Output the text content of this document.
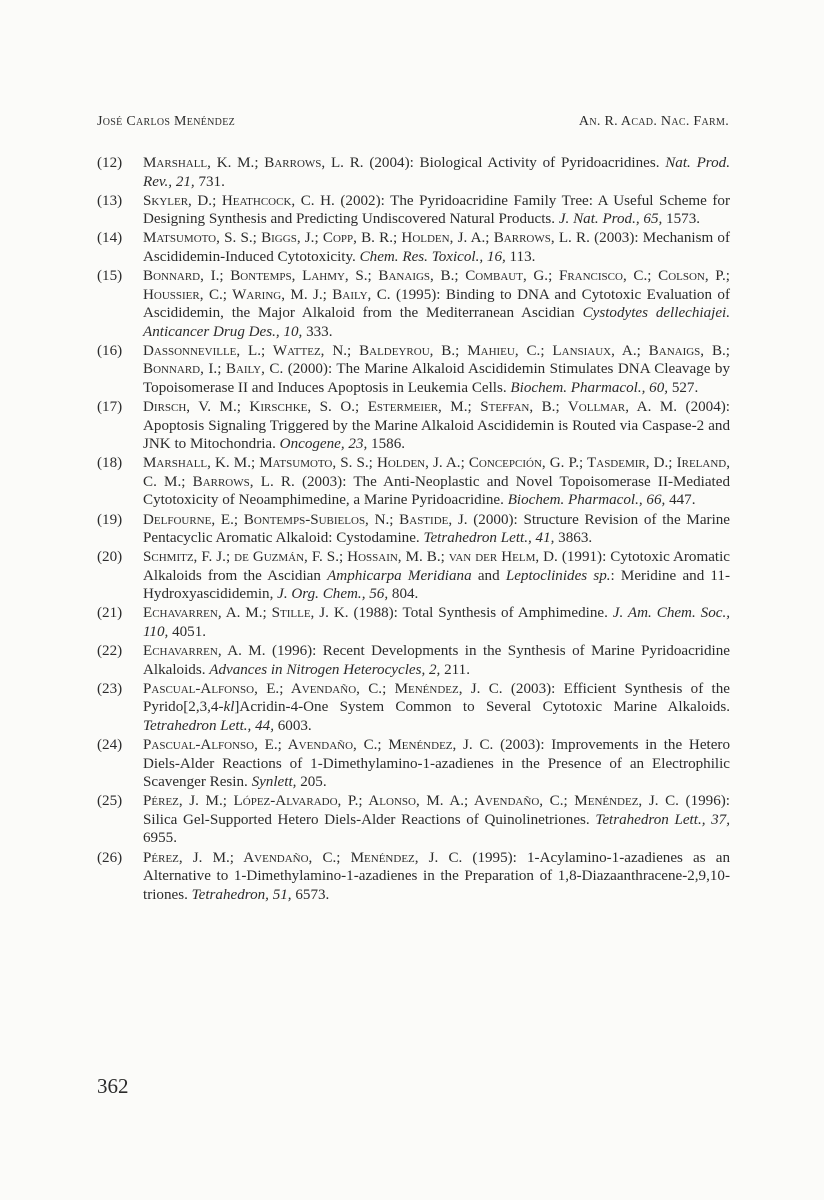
José Carlos Menéndez	An. R. Acad. Nac. Farm.
(12)	Marshall, K. M.; Barrows, L. R. (2004): Biological Activity of Pyridoacridines. Nat. Prod. Rev., 21, 731.
(13)	Skyler, D.; Heathcock, C. H. (2002): The Pyridoacridine Family Tree: A Useful Scheme for Designing Synthesis and Predicting Undiscovered Natural Products. J. Nat. Prod., 65, 1573.
(14)	Matsumoto, S. S.; Biggs, J.; Copp, B. R.; Holden, J. A.; Barrows, L. R. (2003): Mechanism of Ascididemin-Induced Cytotoxicity. Chem. Res. Toxicol., 16, 113.
(15)	Bonnard, I.; Bontemps, Lahmy, S.; Banaigs, B.; Combaut, G.; Francisco, C.; Colson, P.; Houssier, C.; Waring, M. J.; Baily, C. (1995): Binding to DNA and Cytotoxic Evaluation of Ascididemin, the Major Alkaloid from the Mediterranean Ascidian Cystodytes dellechiajei. Anticancer Drug Des., 10, 333.
(16)	Dassonneville, L.; Wattez, N.; Baldeyrou, B.; Mahieu, C.; Lansiaux, A.; Banaigs, B.; Bonnard, I.; Baily, C. (2000): The Marine Alkaloid Ascididemin Stimulates DNA Cleavage by Topoisomerase II and Induces Apoptosis in Leukemia Cells. Biochem. Pharmacol., 60, 527.
(17)	Dirsch, V. M.; Kirschke, S. O.; Estermeier, M.; Steffan, B.; Vollmar, A. M. (2004): Apoptosis Signaling Triggered by the Marine Alkaloid Ascididemin is Routed via Caspase-2 and JNK to Mitochondria. Oncogene, 23, 1586.
(18)	Marshall, K. M.; Matsumoto, S. S.; Holden, J. A.; Concepción, G. P.; Tasdemir, D.; Ireland, C. M.; Barrows, L. R. (2003): The Anti-Neoplastic and Novel Topoisomerase II-Mediated Cytotoxicity of Neoamphimedine, a Marine Pyridoacridine. Biochem. Pharmacol., 66, 447.
(19)	Delfourne, E.; Bontemps-Subielos, N.; Bastide, J. (2000): Structure Revision of the Marine Pentacyclic Aromatic Alkaloid: Cystodamine. Tetrahedron Lett., 41, 3863.
(20)	Schmitz, F. J.; de Guzmán, F. S.; Hossain, M. B.; van der Helm, D. (1991): Cytotoxic Aromatic Alkaloids from the Ascidian Amphicarpa Meridiana and Leptoclinides sp.: Meridine and 11-Hydroxyascididemin, J. Org. Chem., 56, 804.
(21)	Echavarren, A. M.; Stille, J. K. (1988): Total Synthesis of Amphimedine. J. Am. Chem. Soc., 110, 4051.
(22)	Echavarren, A. M. (1996): Recent Developments in the Synthesis of Marine Pyridoacridine Alkaloids. Advances in Nitrogen Heterocycles, 2, 211.
(23)	Pascual-Alfonso, E.; Avendaño, C.; Menéndez, J. C. (2003): Efficient Synthesis of the Pyrido[2,3,4-kl]Acridin-4-One System Common to Several Cytotoxic Marine Alkaloids. Tetrahedron Lett., 44, 6003.
(24)	Pascual-Alfonso, E.; Avendaño, C.; Menéndez, J. C. (2003): Improvements in the Hetero Diels-Alder Reactions of 1-Dimethylamino-1-azadienes in the Presence of an Electrophilic Scavenger Resin. Synlett, 205.
(25)	Pérez, J. M.; López-Alvarado, P.; Alonso, M. A.; Avendaño, C.; Menéndez, J. C. (1996): Silica Gel-Supported Hetero Diels-Alder Reactions of Quinolinetriones. Tetrahedron Lett., 37, 6955.
(26)	Pérez, J. M.; Avendaño, C.; Menéndez, J. C. (1995): 1-Acylamino-1-azadienes as an Alternative to 1-Dimethylamino-1-azadienes in the Preparation of 1,8-Diazaanthracene-2,9,10-triones. Tetrahedron, 51, 6573.
362
